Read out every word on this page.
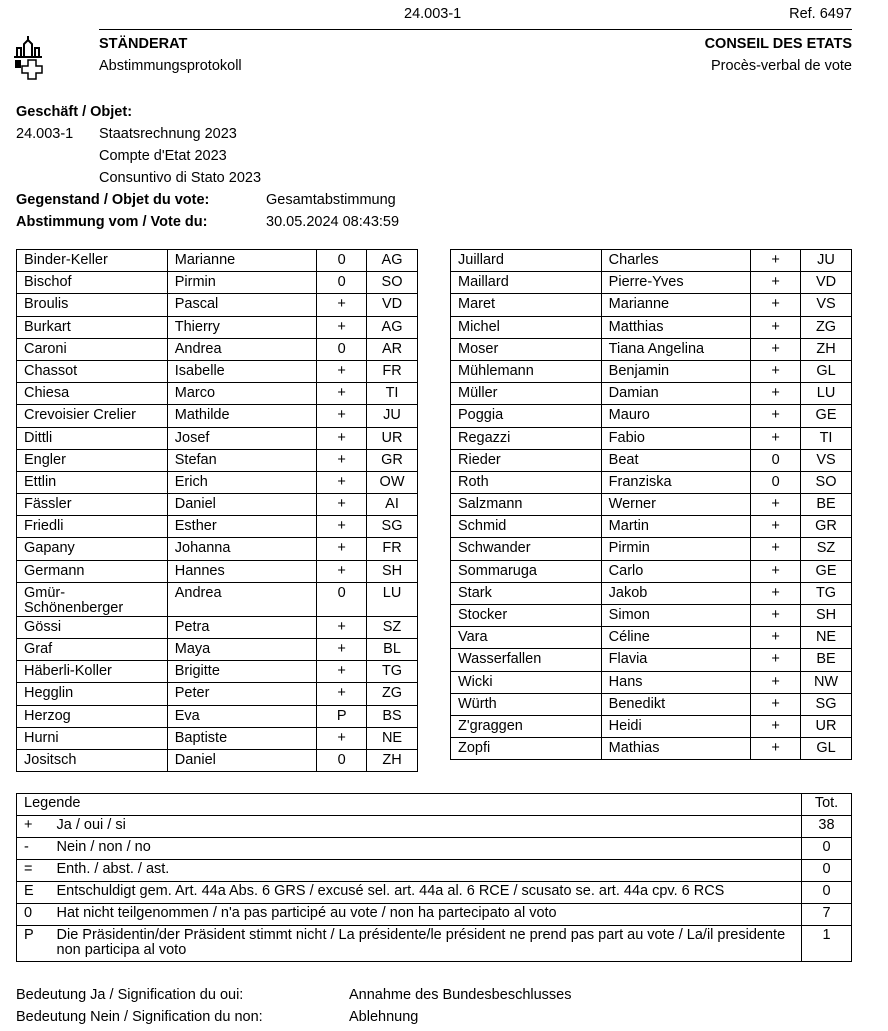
24.003-1	Ref. 6497
STÄNDERAT
Abstimmungsprotokoll
CONSEIL DES ETATS
Procès-verbal de vote
Geschäft / Objet:
24.003-1 Staatsrechnung 2023
Compte d'Etat 2023
Consuntivo di Stato 2023
Gegenstand / Objet du vote:	Gesamtabstimmung
Abstimmung vom / Vote du:	30.05.2024 08:43:59
Binder-Keller	Marianne	0	AG
Bischof	Pirmin	0	SO
Broulis	Pascal	+	VD
Burkart	Thierry	+	AG
Caroni	Andrea	0	AR
Chassot	Isabelle	+	FR
Chiesa	Marco	+	TI
Crevoisier Crelier	Mathilde	+	JU
Dittli	Josef	+	UR
Engler	Stefan	+	GR
Ettlin	Erich	+	OW
Fässler	Daniel	+	AI
Friedli	Esther	+	SG
Gapany	Johanna	+	FR
Germann	Hannes	+	SH
Gmür-Schönenberger	Andrea	0	LU
Gössi	Petra	+	SZ
Graf	Maya	+	BL
Häberli-Koller	Brigitte	+	TG
Hegglin	Peter	+	ZG
Herzog	Eva	P	BS
Hurni	Baptiste	+	NE
Jositsch	Daniel	0	ZH
Juillard	Charles	+	JU
Maillard	Pierre-Yves	+	VD
Maret	Marianne	+	VS
Michel	Matthias	+	ZG
Moser	Tiana Angelina	+	ZH
Mühlemann	Benjamin	+	GL
Müller	Damian	+	LU
Poggia	Mauro	+	GE
Regazzi	Fabio	+	TI
Rieder	Beat	0	VS
Roth	Franziska	0	SO
Salzmann	Werner	+	BE
Schmid	Martin	+	GR
Schwander	Pirmin	+	SZ
Sommaruga	Carlo	+	GE
Stark	Jakob	+	TG
Stocker	Simon	+	SH
Vara	Céline	+	NE
Wasserfallen	Flavia	+	BE
Wicki	Hans	+	NW
Würth	Benedikt	+	SG
Z'graggen	Heidi	+	UR
Zopfi	Mathias	+	GL
Legende		Tot.
+	Ja / oui / si	38
-	Nein / non / no	0
=	Enth. / abst. / ast.	0
E	Entschuldigt gem. Art. 44a Abs. 6 GRS / excusé sel. art. 44a al. 6 RCE / scusato se. art. 44a cpv. 6 RCS	0
0	Hat nicht teilgenommen / n'a pas participé au vote / non ha partecipato al voto	7
P	Die Präsidentin/der Präsident stimmt nicht / La présidente/le président ne prend pas part au vote / La/il presidente non participa al voto	1
Bedeutung Ja / Signification du oui:	Annahme des Bundesbeschlusses
Bedeutung Nein / Signification du non:	Ablehnung
